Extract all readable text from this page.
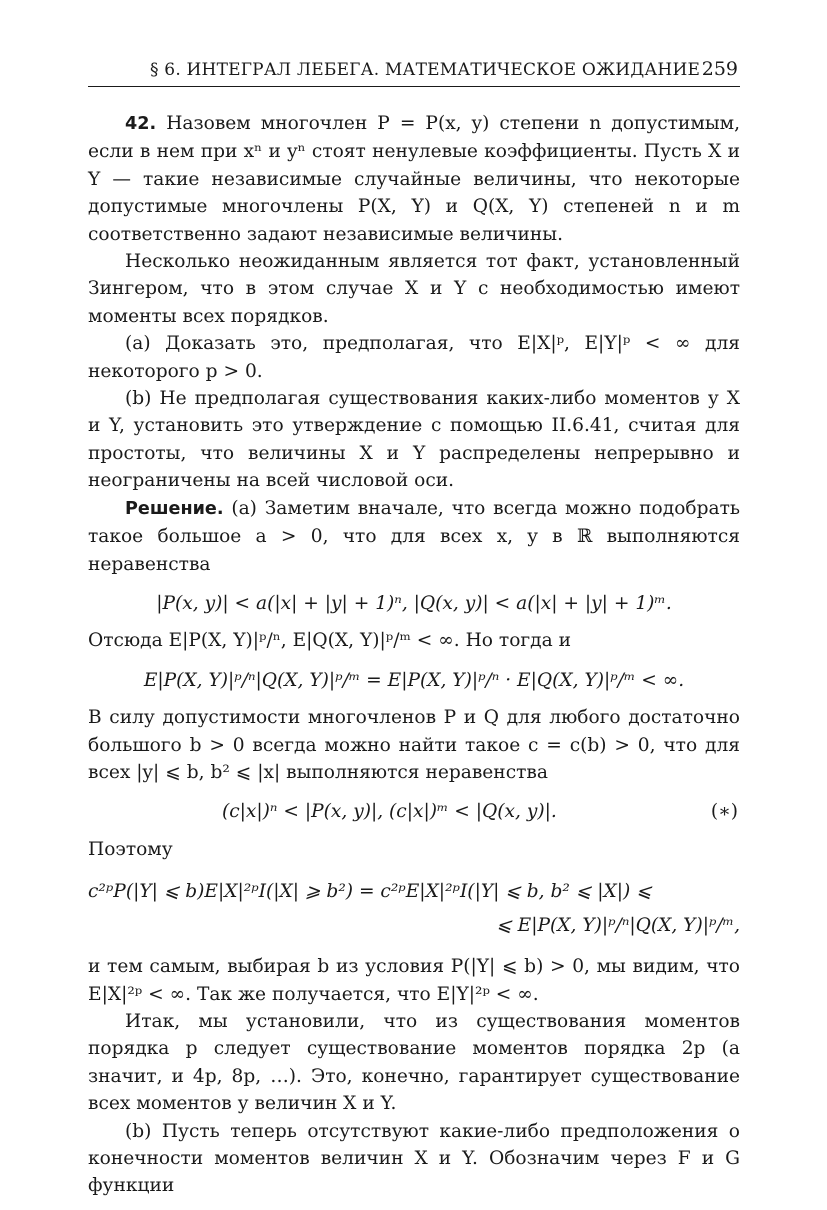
§ 6. ИНТЕГРАЛ ЛЕБЕГА. МАТЕМАТИЧЕСКОЕ ОЖИДАНИЕ 259

42. Назовем многочлен P = P(x, y) степени n допустимым, если в нем при xⁿ и yⁿ стоят ненулевые коэффициенты. Пусть X и Y — такие независимые случайные величины, что некоторые допустимые многочлены P(X, Y) и Q(X, Y) степеней n и m соответственно задают независимые величины.

Несколько неожиданным является тот факт, установленный Зингером, что в этом случае X и Y с необходимостью имеют моменты всех порядков.

(a) Доказать это, предполагая, что E|X|ᵖ, E|Y|ᵖ < ∞ для некоторого p > 0.

(b) Не предполагая существования каких-либо моментов у X и Y, установить это утверждение с помощью II.6.41, считая для простоты, что величины X и Y распределены непрерывно и неограничены на всей числовой оси.

Решение. (a) Заметим вначале, что всегда можно подобрать такое большое a > 0, что для всех x, y в ℝ выполняются неравенства

|P(x, y)| < a(|x| + |y| + 1)ⁿ, |Q(x, y)| < a(|x| + |y| + 1)ᵐ.

Отсюда E|P(X, Y)|ᵖ/ⁿ, E|Q(X, Y)|ᵖ/ᵐ < ∞. Но тогда и

E|P(X, Y)|ᵖ/ⁿ|Q(X, Y)|ᵖ/ᵐ = E|P(X, Y)|ᵖ/ⁿ · E|Q(X, Y)|ᵖ/ᵐ < ∞.

В силу допустимости многочленов P и Q для любого достаточно большого b > 0 всегда можно найти такое c = c(b) > 0, что для всех |y| ⩽ b, b² ⩽ |x| выполняются неравенства

(c|x|)ⁿ < |P(x, y)|, (c|x|)ᵐ < |Q(x, y)|.	(∗)

Поэтому

c²ᵖP(|Y| ⩽ b)E|X|²ᵖI(|X| ⩾ b²) = c²ᵖE|X|²ᵖI(|Y| ⩽ b, b² ⩽ |X|) ⩽
⩽ E|P(X, Y)|ᵖ/ⁿ|Q(X, Y)|ᵖ/ᵐ,

и тем самым, выбирая b из условия P(|Y| ⩽ b) > 0, мы видим, что E|X|²ᵖ < ∞. Так же получается, что E|Y|²ᵖ < ∞.

Итак, мы установили, что из существования моментов порядка p следует существование моментов порядка 2p (а значит, и 4p, 8p, …). Это, конечно, гарантирует существование всех моментов у величин X и Y.

(b) Пусть теперь отсутствуют какие-либо предположения о конечности моментов величин X и Y. Обозначим через F и G функции
